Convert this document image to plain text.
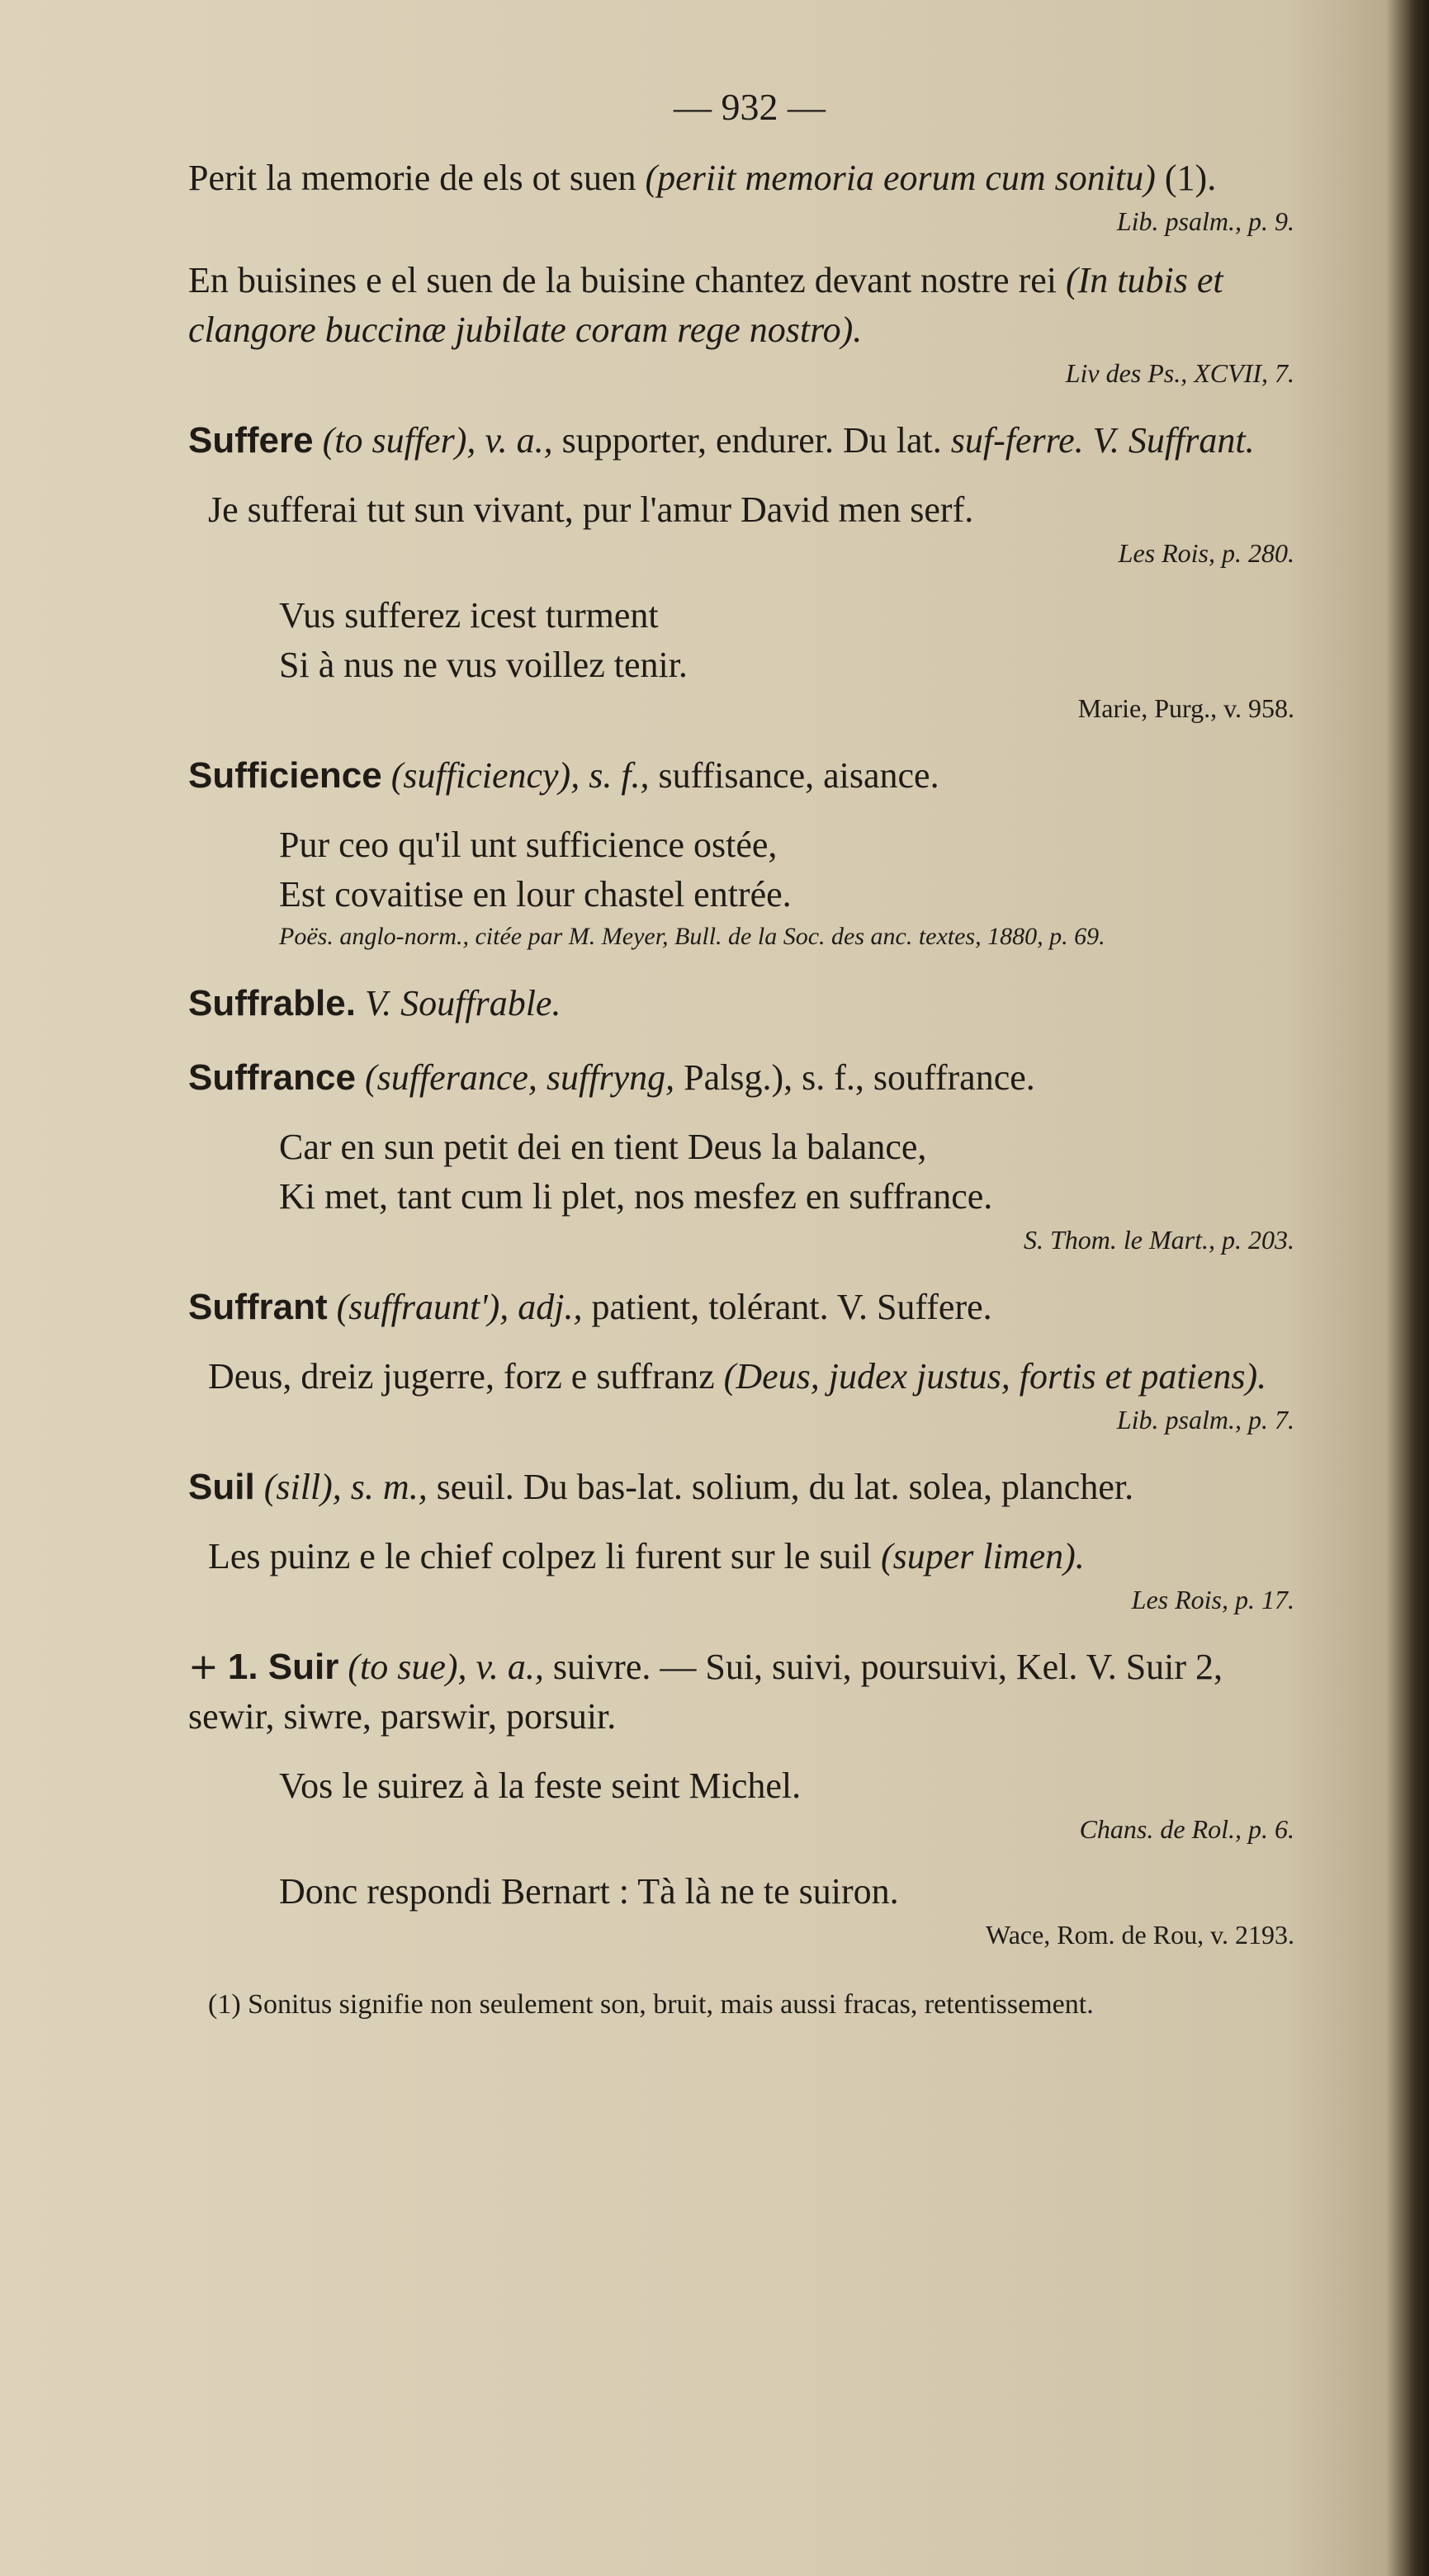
— 932 —

Perit la memorie de els ot suen (periit memoria eorum cum sonitu) (1).

Lib. psalm., p. 9.

En buisines e el suen de la buisine chantez devant nostre rei (In tubis et clangore buccinæ jubilate coram rege nostro).

Liv des Ps., XCVII, 7.

Suffere (to suffer), v. a., supporter, endurer. Du lat. suf-ferre. V. Suffrant.

Je sufferai tut sun vivant, pur l'amur David men serf.

Les Rois, p. 280.

Vus sufferez icest turment

Si à nus ne vus voillez tenir.

Marie, Purg., v. 958.

Sufficience (sufficiency), s. f., suffisance, aisance.

Pur ceo qu'il unt sufficience ostée,

Est covaitise en lour chastel entrée.

Poës. anglo-norm., citée par M. Meyer, Bull. de la Soc. des anc. textes, 1880, p. 69.

Suffrable. V. Souffrable.

Suffrance (sufferance, suffryng, Palsg.), s. f., souffrance.

Car en sun petit dei en tient Deus la balance,

Ki met, tant cum li plet, nos mesfez en suffrance.

S. Thom. le Mart., p. 203.

Suffrant (suffraunt'), adj., patient, tolérant. V. Suffere.

Deus, dreiz jugerre, forz e suffranz (Deus, judex justus, fortis et patiens).

Lib. psalm., p. 7.

Suil (sill), s. m., seuil. Du bas-lat. solium, du lat. solea, plancher.

Les puinz e le chief colpez li furent sur le suil (super limen).

Les Rois, p. 17.

+ 1. Suir (to sue), v. a., suivre. — Sui, suivi, poursuivi, Kel. V. Suir 2, sewir, siwre, parswir, porsuir.

Vos le suirez à la feste seint Michel.

Chans. de Rol., p. 6.

Donc respondi Bernart : Tà là ne te suiron.

Wace, Rom. de Rou, v. 2193.

(1) Sonitus signifie non seulement son, bruit, mais aussi fracas, retentissement.
